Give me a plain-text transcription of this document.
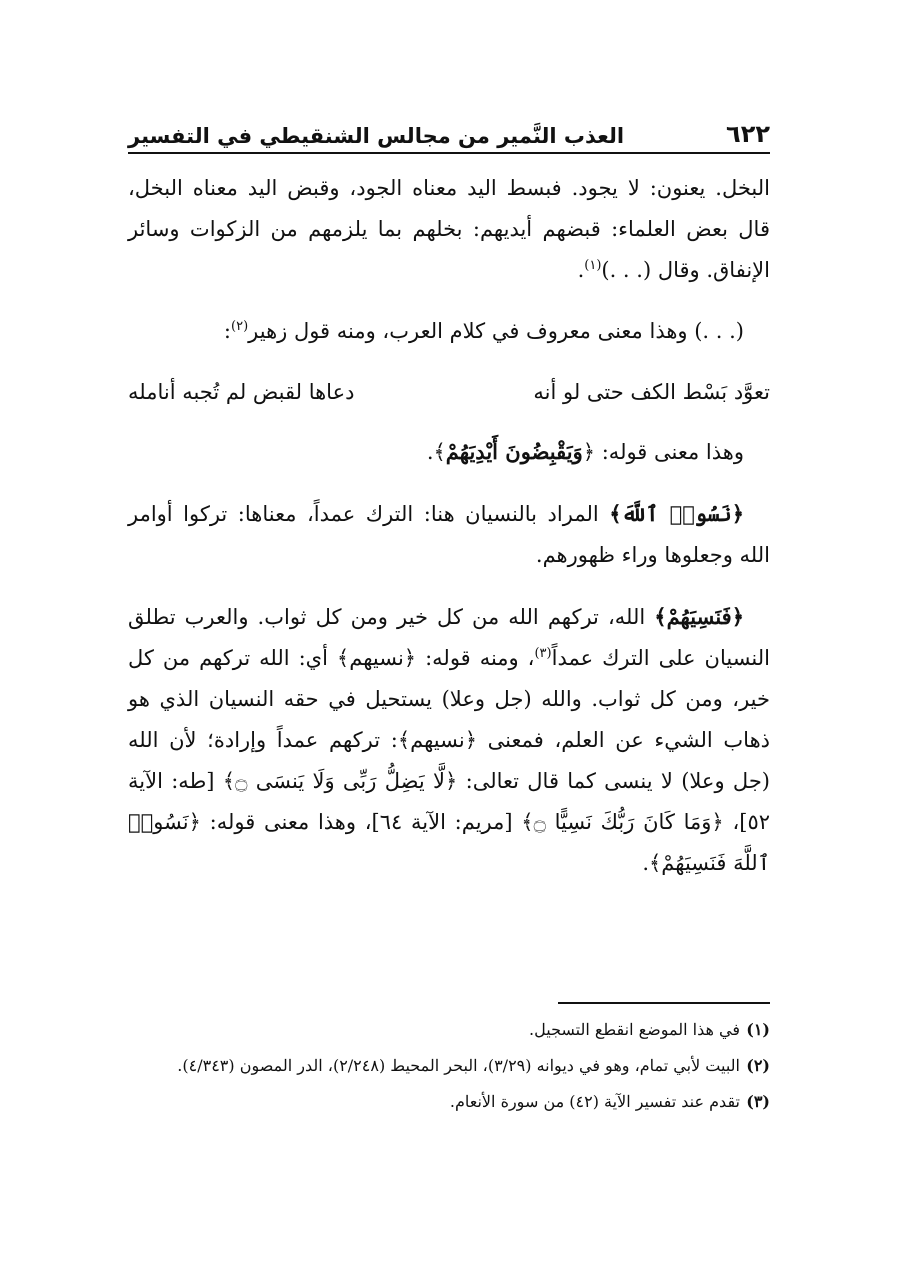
٦٢٢
العذب النَّمير من مجالس الشنقيطي في التفسير

البخل. يعنون: لا يجود. فبسط اليد معناه الجود، وقبض اليد معناه البخل، قال بعض العلماء: قبضهم أيديهم: بخلهم بما يلزمهم من الزكوات وسائر الإنفاق. وقال (. . .)$^{(١)}$.

(. . .) وهذا معنى معروف في كلام العرب، ومنه قول زهير$^{(٢)}$:

تعوَّد بَسْط الكف حتى لو أنه
دعاها لقبض لم تُجبه أنامله

وهذا معنى قوله: ﴿وَيَقْبِضُونَ أَيْدِيَهُمْ﴾.

﴿نَسُوا۟ ٱللَّهَ﴾ المراد بالنسيان هنا: الترك عمداً، معناها: تركوا أوامر الله وجعلوها وراء ظهورهم.

﴿فَنَسِيَهُمْ﴾ الله، تركهم الله من كل خير ومن كل ثواب. والعرب تطلق النسيان على الترك عمداً$^{(٣)}$، ومنه قوله: ﴿نسيهم﴾ أي: الله تركهم من كل خير، ومن كل ثواب. والله (جل وعلا) يستحيل في حقه النسيان الذي هو ذهاب الشيء عن العلم، فمعنى ﴿نسيهم﴾: تركهم عمداً وإرادة؛ لأن الله (جل وعلا) لا ينسى كما قال تعالى: ﴿لَّا يَضِلُّ رَبِّى وَلَا يَنسَى ۝﴾ [طه: الآية ٥٢]، ﴿وَمَا كَانَ رَبُّكَ نَسِيًّا ۝﴾ [مريم: الآية ٦٤]، وهذا معنى قوله: ﴿نَسُوا۟ ٱللَّهَ فَنَسِيَهُمْ﴾.

(١)
في هذا الموضع انقطع التسجيل.
(٢)
البيت لأبي تمام، وهو في ديوانه (٣/٢٩)، البحر المحيط (٢/٢٤٨)، الدر المصون (٤/٣٤٣).
(٣)
تقدم عند تفسير الآية (٤٢) من سورة الأنعام.
